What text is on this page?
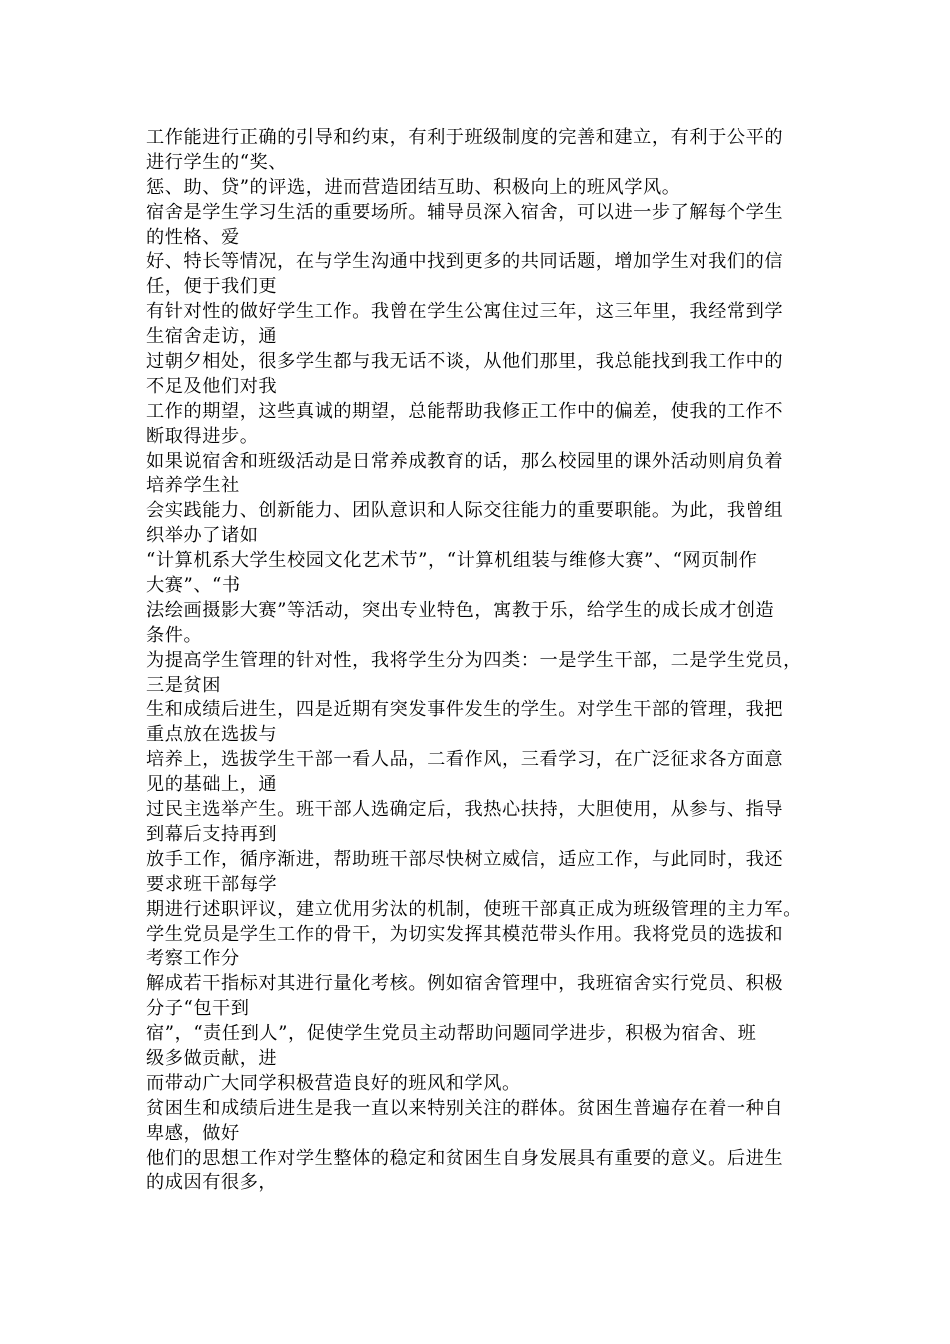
工作能进行正确的引导和约束，有利于班级制度的完善和建立，有利于公平的
进行学生的“奖、
惩、助、贷”的评选，进而营造团结互助、积极向上的班风学风。
宿舍是学生学习生活的重要场所。辅导员深入宿舍，可以进一步了解每个学生
的性格、爱
好、特长等情况，在与学生沟通中找到更多的共同话题，增加学生对我们的信
任，便于我们更
有针对性的做好学生工作。我曾在学生公寓住过三年，这三年里，我经常到学
生宿舍走访，通
过朝夕相处，很多学生都与我无话不谈，从他们那里，我总能找到我工作中的
不足及他们对我
工作的期望，这些真诚的期望，总能帮助我修正工作中的偏差，使我的工作不
断取得进步。
如果说宿舍和班级活动是日常养成教育的话，那么校园里的课外活动则肩负着
培养学生社
会实践能力、创新能力、团队意识和人际交往能力的重要职能。为此，我曾组
织举办了诸如
“计算机系大学生校园文化艺术节”，“计算机组装与维修大赛”、“网页制作
大赛”、“书
法绘画摄影大赛”等活动，突出专业特色，寓教于乐，给学生的成长成才创造
条件。
为提高学生管理的针对性，我将学生分为四类：一是学生干部，二是学生党员，
三是贫困
生和成绩后进生，四是近期有突发事件发生的学生。对学生干部的管理，我把
重点放在选拔与
培养上，选拔学生干部一看人品，二看作风，三看学习，在广泛征求各方面意
见的基础上，通
过民主选举产生。班干部人选确定后，我热心扶持，大胆使用，从参与、指导
到幕后支持再到
放手工作，循序渐进，帮助班干部尽快树立威信，适应工作，与此同时，我还
要求班干部每学
期进行述职评议，建立优用劣汰的机制，使班干部真正成为班级管理的主力军。
学生党员是学生工作的骨干，为切实发挥其模范带头作用。我将党员的选拔和
考察工作分
解成若干指标对其进行量化考核。例如宿舍管理中，我班宿舍实行党员、积极
分子“包干到
宿”，“责任到人”，促使学生党员主动帮助问题同学进步，积极为宿舍、班
级多做贡献，进
而带动广大同学积极营造良好的班风和学风。
贫困生和成绩后进生是我一直以来特别关注的群体。贫困生普遍存在着一种自
卑感，做好
他们的思想工作对学生整体的稳定和贫困生自身发展具有重要的意义。后进生
的成因有很多，
